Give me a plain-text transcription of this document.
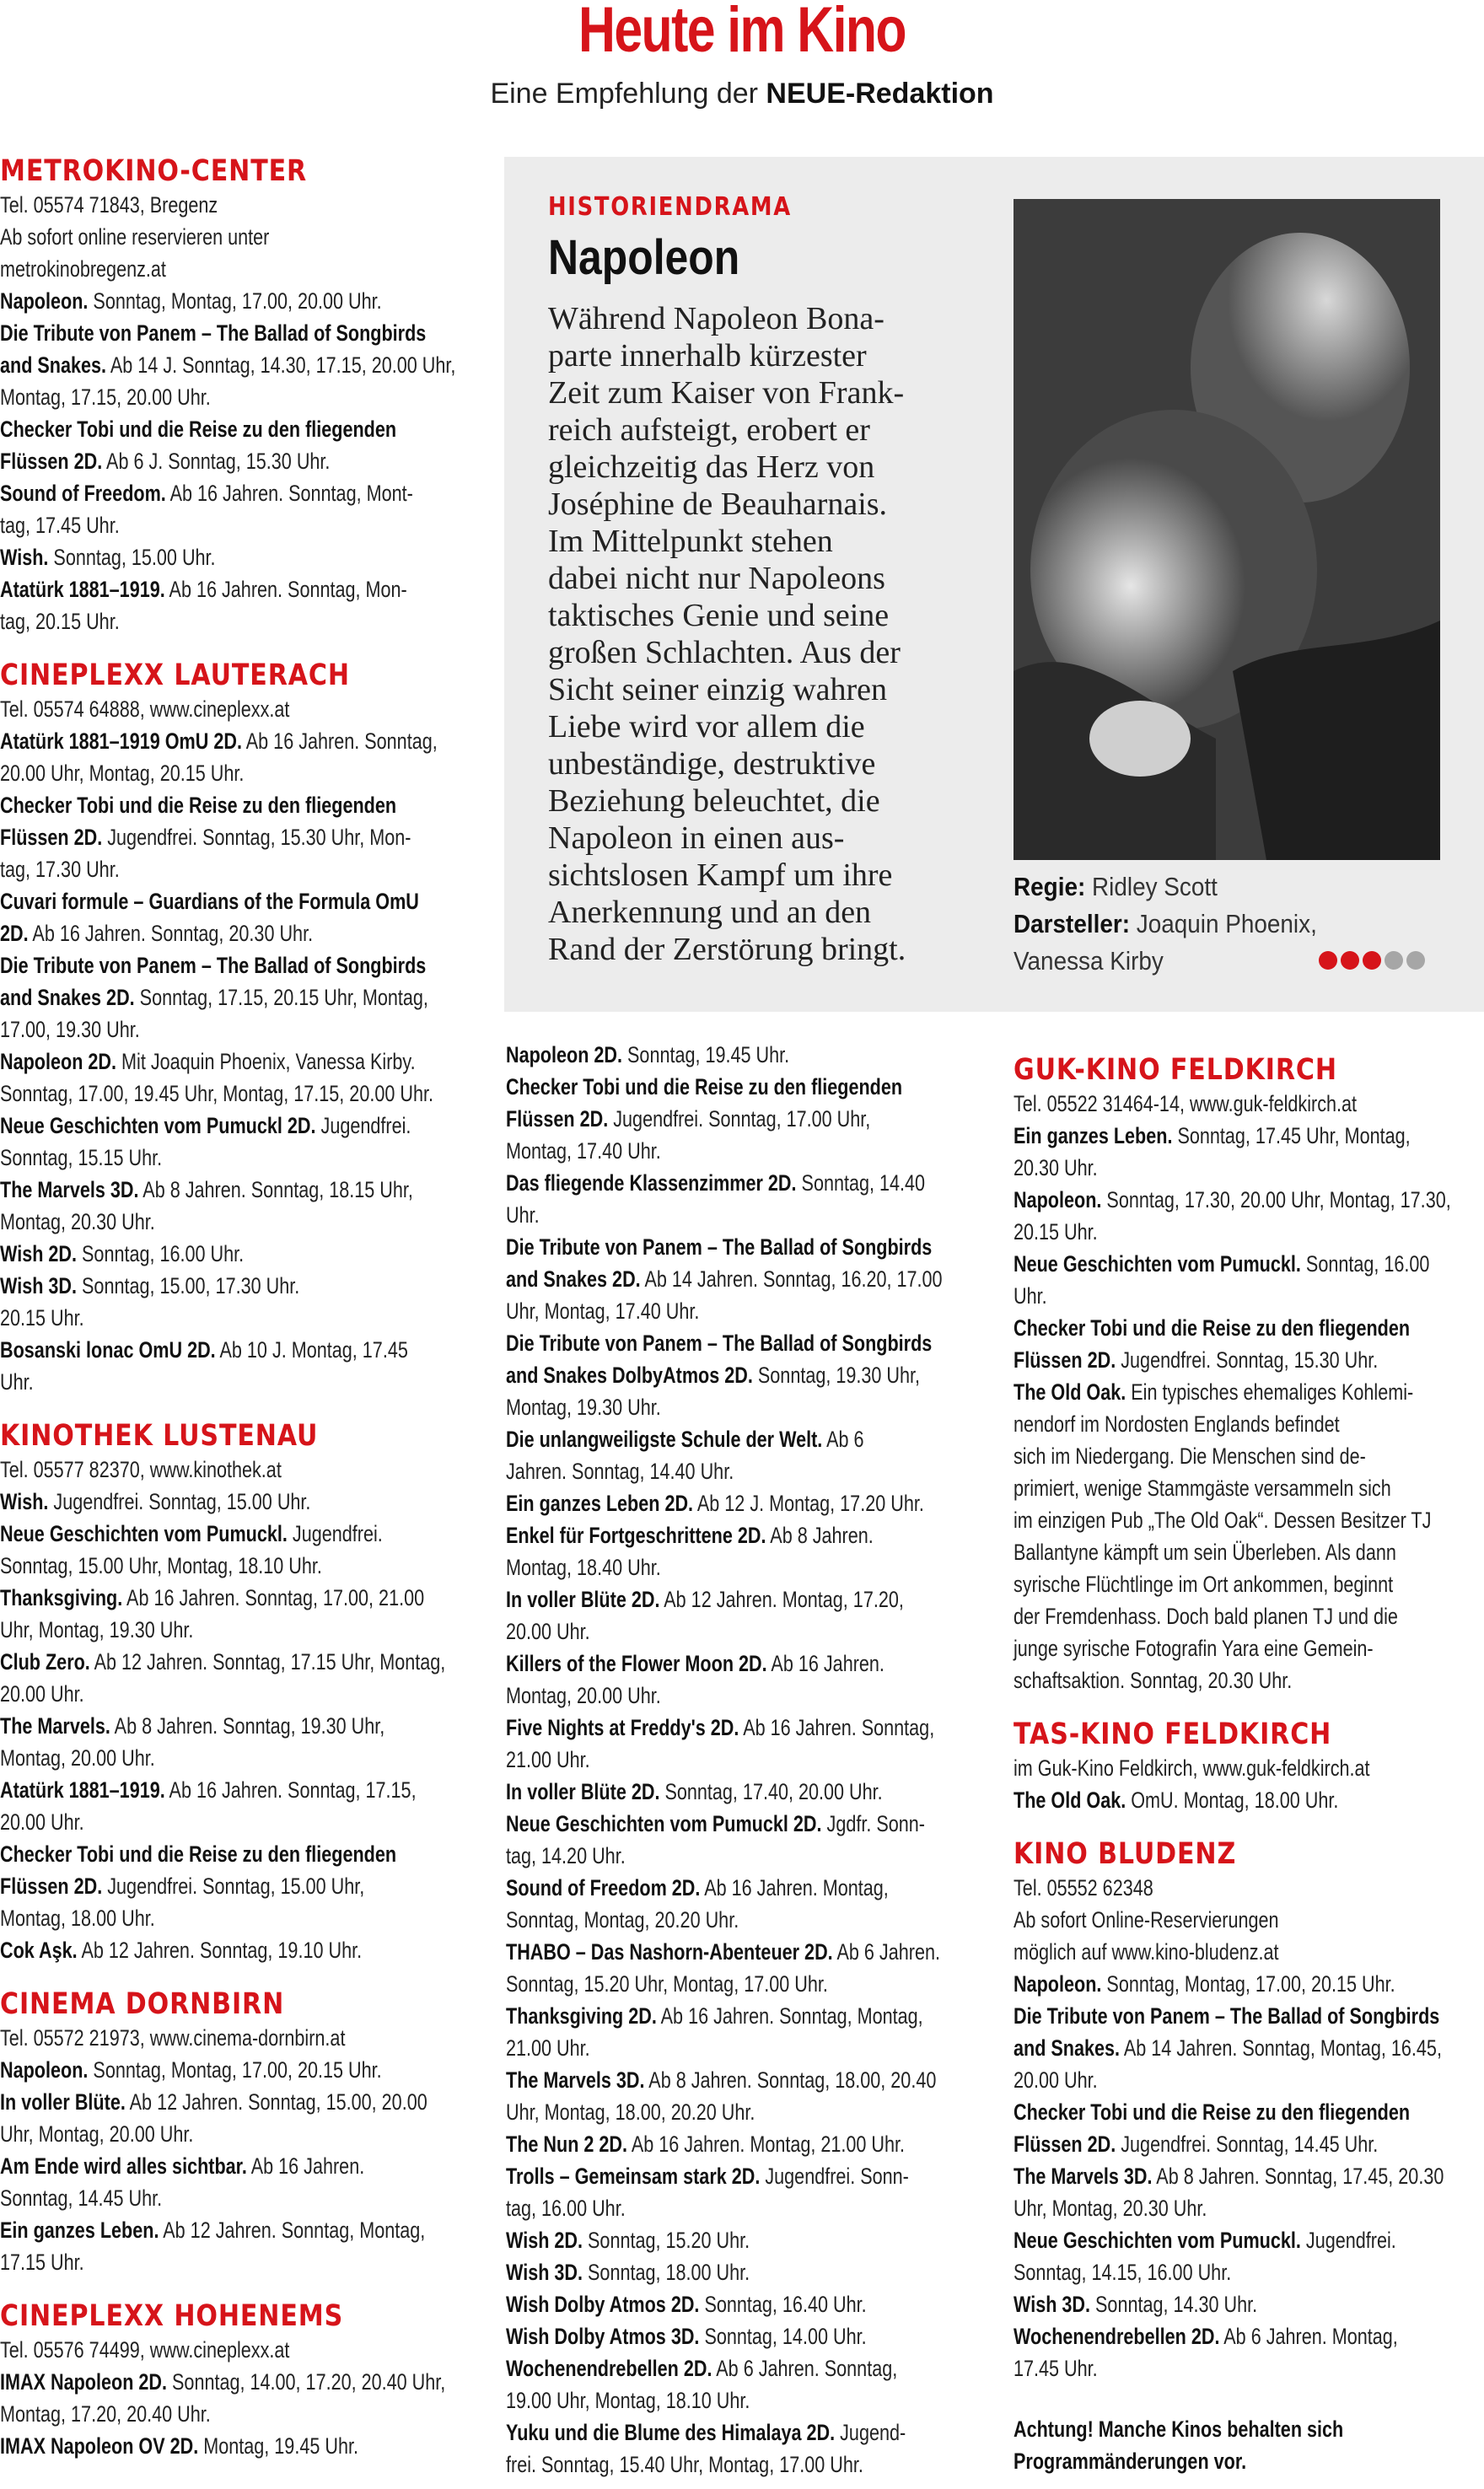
Heute im Kino
Eine Empfehlung der NEUE-Redaktion
METROKINO-CENTER
Tel. 05574 71843, Bregenz
Ab sofort online reservieren unter
metrokinobregenz.at
Napoleon. Sonntag, Montag, 17.00, 20.00 Uhr.
Die Tribute von Panem – The Ballad of Songbirds
and Snakes. Ab 14 J. Sonntag, 14.30, 17.15, 20.00 Uhr,
Montag, 17.15, 20.00 Uhr.
Checker Tobi und die Reise zu den fliegenden
Flüssen 2D. Ab 6 J. Sonntag, 15.30 Uhr.
Sound of Freedom. Ab 16 Jahren. Sonntag, Mont-
tag, 17.45 Uhr.
Wish. Sonntag, 15.00 Uhr.
Atatürk 1881–1919. Ab 16 Jahren. Sonntag, Mon-
tag, 20.15 Uhr.
CINEPLEXX LAUTERACH
Tel. 05574 64888, www.cineplexx.at
Atatürk 1881–1919 OmU 2D. Ab 16 Jahren. Sonntag,
20.00 Uhr, Montag, 20.15 Uhr.
Checker Tobi und die Reise zu den fliegenden
Flüssen 2D. Jugendfrei. Sonntag, 15.30 Uhr, Mon-
tag, 17.30 Uhr.
Cuvari formule – Guardians of the Formula OmU
2D. Ab 16 Jahren. Sonntag, 20.30 Uhr.
Die Tribute von Panem – The Ballad of Songbirds
and Snakes 2D. Sonntag, 17.15, 20.15 Uhr, Montag,
17.00, 19.30 Uhr.
Napoleon 2D. Mit Joaquin Phoenix, Vanessa Kirby.
Sonntag, 17.00, 19.45 Uhr, Montag, 17.15, 20.00 Uhr.
Neue Geschichten vom Pumuckl 2D. Jugendfrei.
Sonntag, 15.15 Uhr.
The Marvels 3D. Ab 8 Jahren. Sonntag, 18.15 Uhr,
Montag, 20.30 Uhr.
Wish 2D. Sonntag, 16.00 Uhr.
Wish 3D. Sonntag, 15.00, 17.30 Uhr.
20.15 Uhr.
Bosanski lonac OmU 2D. Ab 10 J. Montag, 17.45
Uhr.
KINOTHEK LUSTENAU
Tel. 05577 82370, www.kinothek.at
Wish. Jugendfrei. Sonntag, 15.00 Uhr.
Neue Geschichten vom Pumuckl. Jugendfrei.
Sonntag, 15.00 Uhr, Montag, 18.10 Uhr.
Thanksgiving. Ab 16 Jahren. Sonntag, 17.00, 21.00
Uhr, Montag, 19.30 Uhr.
Club Zero. Ab 12 Jahren. Sonntag, 17.15 Uhr, Montag,
20.00 Uhr.
The Marvels. Ab 8 Jahren. Sonntag, 19.30 Uhr,
Montag, 20.00 Uhr.
Atatürk 1881–1919. Ab 16 Jahren. Sonntag, 17.15,
20.00 Uhr.
Checker Tobi und die Reise zu den fliegenden
Flüssen 2D. Jugendfrei. Sonntag, 15.00 Uhr,
Montag, 18.00 Uhr.
Cok Aşk. Ab 12 Jahren. Sonntag, 19.10 Uhr.
CINEMA DORNBIRN
Tel. 05572 21973, www.cinema-dornbirn.at
Napoleon. Sonntag, Montag, 17.00, 20.15 Uhr.
In voller Blüte. Ab 12 Jahren. Sonntag, 15.00, 20.00
Uhr, Montag, 20.00 Uhr.
Am Ende wird alles sichtbar. Ab 16 Jahren.
Sonntag, 14.45 Uhr.
Ein ganzes Leben. Ab 12 Jahren. Sonntag, Montag,
17.15 Uhr.
CINEPLEXX HOHENEMS
Tel. 05576 74499, www.cineplexx.at
IMAX Napoleon 2D. Sonntag, 14.00, 17.20, 20.40 Uhr,
Montag, 17.20, 20.40 Uhr.
IMAX Napoleon OV 2D. Montag, 19.45 Uhr.
HISTORIENDRAMA
Napoleon
Während Napoleon Bona-
parte innerhalb kürzester
Zeit zum Kaiser von Frank-
reich aufsteigt, erobert er
gleichzeitig das Herz von
Joséphine de Beauharnais.
Im Mittelpunkt stehen
dabei nicht nur Napoleons
taktisches Genie und seine
großen Schlachten. Aus der
Sicht seiner einzig wahren
Liebe wird vor allem die
unbeständige, destruktive
Beziehung beleuchtet, die
Napoleon in einen aus-
sichtslosen Kampf um ihre
Anerkennung und an den
Rand der Zerstörung bringt.
Regie: Ridley Scott
Darsteller: Joaquin Phoenix,
Vanessa Kirby
Napoleon 2D. Sonntag, 19.45 Uhr.
Checker Tobi und die Reise zu den fliegenden
Flüssen 2D. Jugendfrei. Sonntag, 17.00 Uhr,
Montag, 17.40 Uhr.
Das fliegende Klassenzimmer 2D. Sonntag, 14.40
Uhr.
Die Tribute von Panem – The Ballad of Songbirds
and Snakes 2D. Ab 14 Jahren. Sonntag, 16.20, 17.00
Uhr, Montag, 17.40 Uhr.
Die Tribute von Panem – The Ballad of Songbirds
and Snakes DolbyAtmos 2D. Sonntag, 19.30 Uhr,
Montag, 19.30 Uhr.
Die unlangweiligste Schule der Welt. Ab 6
Jahren. Sonntag, 14.40 Uhr.
Ein ganzes Leben 2D. Ab 12 J. Montag, 17.20 Uhr.
Enkel für Fortgeschrittene 2D. Ab 8 Jahren.
Montag, 18.40 Uhr.
In voller Blüte 2D. Ab 12 Jahren. Montag, 17.20,
20.00 Uhr.
Killers of the Flower Moon 2D. Ab 16 Jahren.
Montag, 20.00 Uhr.
Five Nights at Freddy's 2D. Ab 16 Jahren. Sonntag,
21.00 Uhr.
In voller Blüte 2D. Sonntag, 17.40, 20.00 Uhr.
Neue Geschichten vom Pumuckl 2D. Jgdfr. Sonn-
tag, 14.20 Uhr.
Sound of Freedom 2D. Ab 16 Jahren. Montag,
Sonntag, Montag, 20.20 Uhr.
THABO – Das Nashorn-Abenteuer 2D. Ab 6 Jahren.
Sonntag, 15.20 Uhr, Montag, 17.00 Uhr.
Thanksgiving 2D. Ab 16 Jahren. Sonntag, Montag,
21.00 Uhr.
The Marvels 3D. Ab 8 Jahren. Sonntag, 18.00, 20.40
Uhr, Montag, 18.00, 20.20 Uhr.
The Nun 2 2D. Ab 16 Jahren. Montag, 21.00 Uhr.
Trolls – Gemeinsam stark 2D. Jugendfrei. Sonn-
tag, 16.00 Uhr.
Wish 2D. Sonntag, 15.20 Uhr.
Wish 3D. Sonntag, 18.00 Uhr.
Wish Dolby Atmos 2D. Sonntag, 16.40 Uhr.
Wish Dolby Atmos 3D. Sonntag, 14.00 Uhr.
Wochenendrebellen 2D. Ab 6 Jahren. Sonntag,
19.00 Uhr, Montag, 18.10 Uhr.
Yuku und die Blume des Himalaya 2D. Jugend-
frei. Sonntag, 15.40 Uhr, Montag, 17.00 Uhr.
GUK-KINO FELDKIRCH
Tel. 05522 31464-14, www.guk-feldkirch.at
Ein ganzes Leben. Sonntag, 17.45 Uhr, Montag,
20.30 Uhr.
Napoleon. Sonntag, 17.30, 20.00 Uhr, Montag, 17.30,
20.15 Uhr.
Neue Geschichten vom Pumuckl. Sonntag, 16.00
Uhr.
Checker Tobi und die Reise zu den fliegenden
Flüssen 2D. Jugendfrei. Sonntag, 15.30 Uhr.
The Old Oak. Ein typisches ehemaliges Kohlemi-
nendorf im Nordosten Englands befindet
sich im Niedergang. Die Menschen sind de-
primiert, wenige Stammgäste versammeln sich
im einzigen Pub „The Old Oak“. Dessen Besitzer TJ
Ballantyne kämpft um sein Überleben. Als dann
syrische Flüchtlinge im Ort ankommen, beginnt
der Fremdenhass. Doch bald planen TJ und die
junge syrische Fotografin Yara eine Gemein-
schaftsaktion. Sonntag, 20.30 Uhr.
TAS-KINO FELDKIRCH
im Guk-Kino Feldkirch, www.guk-feldkirch.at
The Old Oak. OmU. Montag, 18.00 Uhr.
KINO BLUDENZ
Tel. 05552 62348
Ab sofort Online-Reservierungen
möglich auf www.kino-bludenz.at
Napoleon. Sonntag, Montag, 17.00, 20.15 Uhr.
Die Tribute von Panem – The Ballad of Songbirds
and Snakes. Ab 14 Jahren. Sonntag, Montag, 16.45,
20.00 Uhr.
Checker Tobi und die Reise zu den fliegenden
Flüssen 2D. Jugendfrei. Sonntag, 14.45 Uhr.
The Marvels 3D. Ab 8 Jahren. Sonntag, 17.45, 20.30
Uhr, Montag, 20.30 Uhr.
Neue Geschichten vom Pumuckl. Jugendfrei.
Sonntag, 14.15, 16.00 Uhr.
Wish 3D. Sonntag, 14.30 Uhr.
Wochenendrebellen 2D. Ab 6 Jahren. Montag,
17.45 Uhr.
Achtung! Manche Kinos behalten sich
Programmänderungen vor.
